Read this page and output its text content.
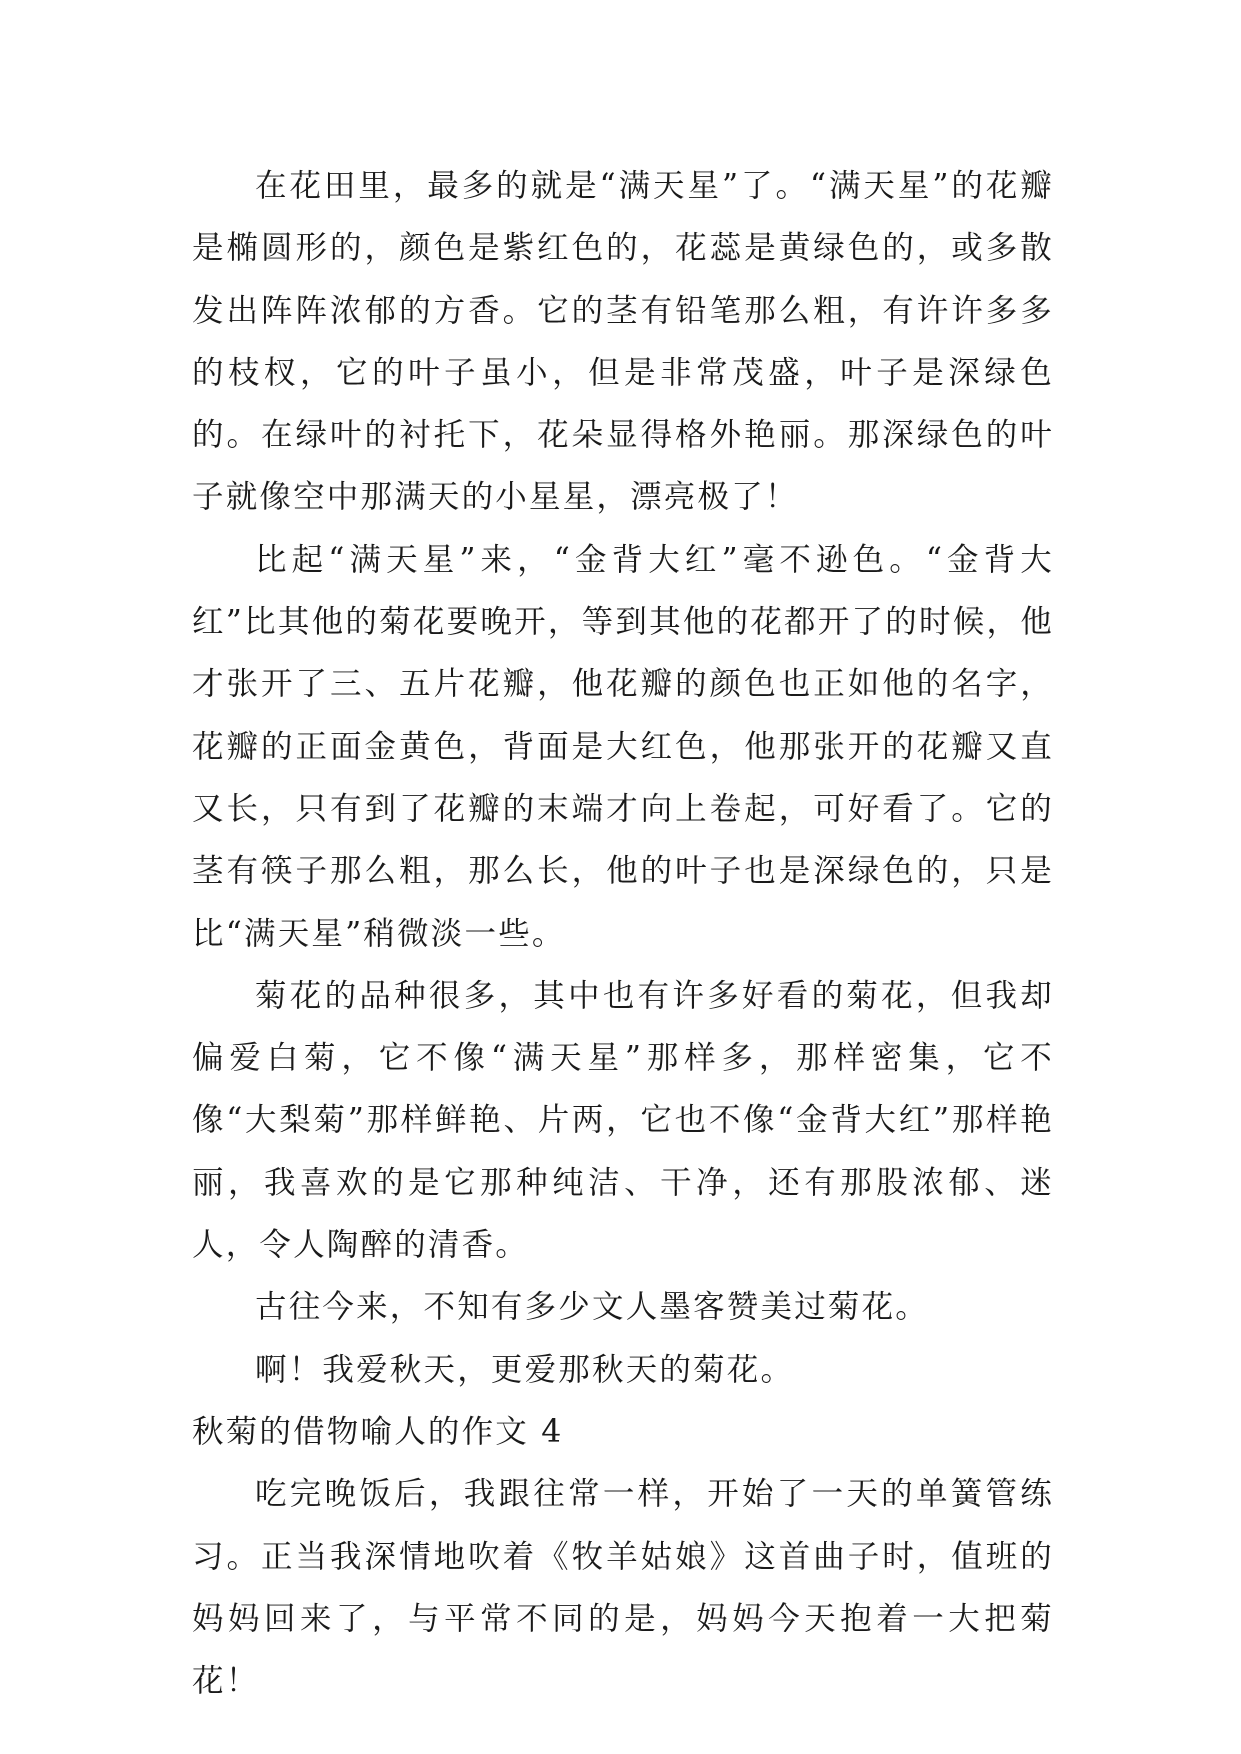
在花田里，最多的就是“满天星”了。“满天星”的花瓣是椭圆形的，颜色是紫红色的，花蕊是黄绿色的，或多散发出阵阵浓郁的方香。它的茎有铅笔那么粗，有许许多多的枝杈，它的叶子虽小，但是非常茂盛，叶子是深绿色的。在绿叶的衬托下，花朵显得格外艳丽。那深绿色的叶子就像空中那满天的小星星，漂亮极了！

比起“满天星”来，“金背大红”毫不逊色。“金背大红”比其他的菊花要晚开，等到其他的花都开了的时候，他才张开了三、五片花瓣，他花瓣的颜色也正如他的名字，花瓣的正面金黄色，背面是大红色，他那张开的花瓣又直又长，只有到了花瓣的末端才向上卷起，可好看了。它的茎有筷子那么粗，那么长，他的叶子也是深绿色的，只是比“满天星”稍微淡一些。

菊花的品种很多，其中也有许多好看的菊花，但我却偏爱白菊，它不像“满天星”那样多，那样密集，它不像“大梨菊”那样鲜艳、片两，它也不像“金背大红”那样艳丽，我喜欢的是它那种纯洁、干净，还有那股浓郁、迷人，令人陶醉的清香。

古往今来，不知有多少文人墨客赞美过菊花。

啊！我爱秋天，更爱那秋天的菊花。

秋菊的借物喻人的作文 4

吃完晚饭后，我跟往常一样，开始了一天的单簧管练习。正当我深情地吹着《牧羊姑娘》这首曲子时，值班的妈妈回来了，与平常不同的是，妈妈今天抱着一大把菊花！
